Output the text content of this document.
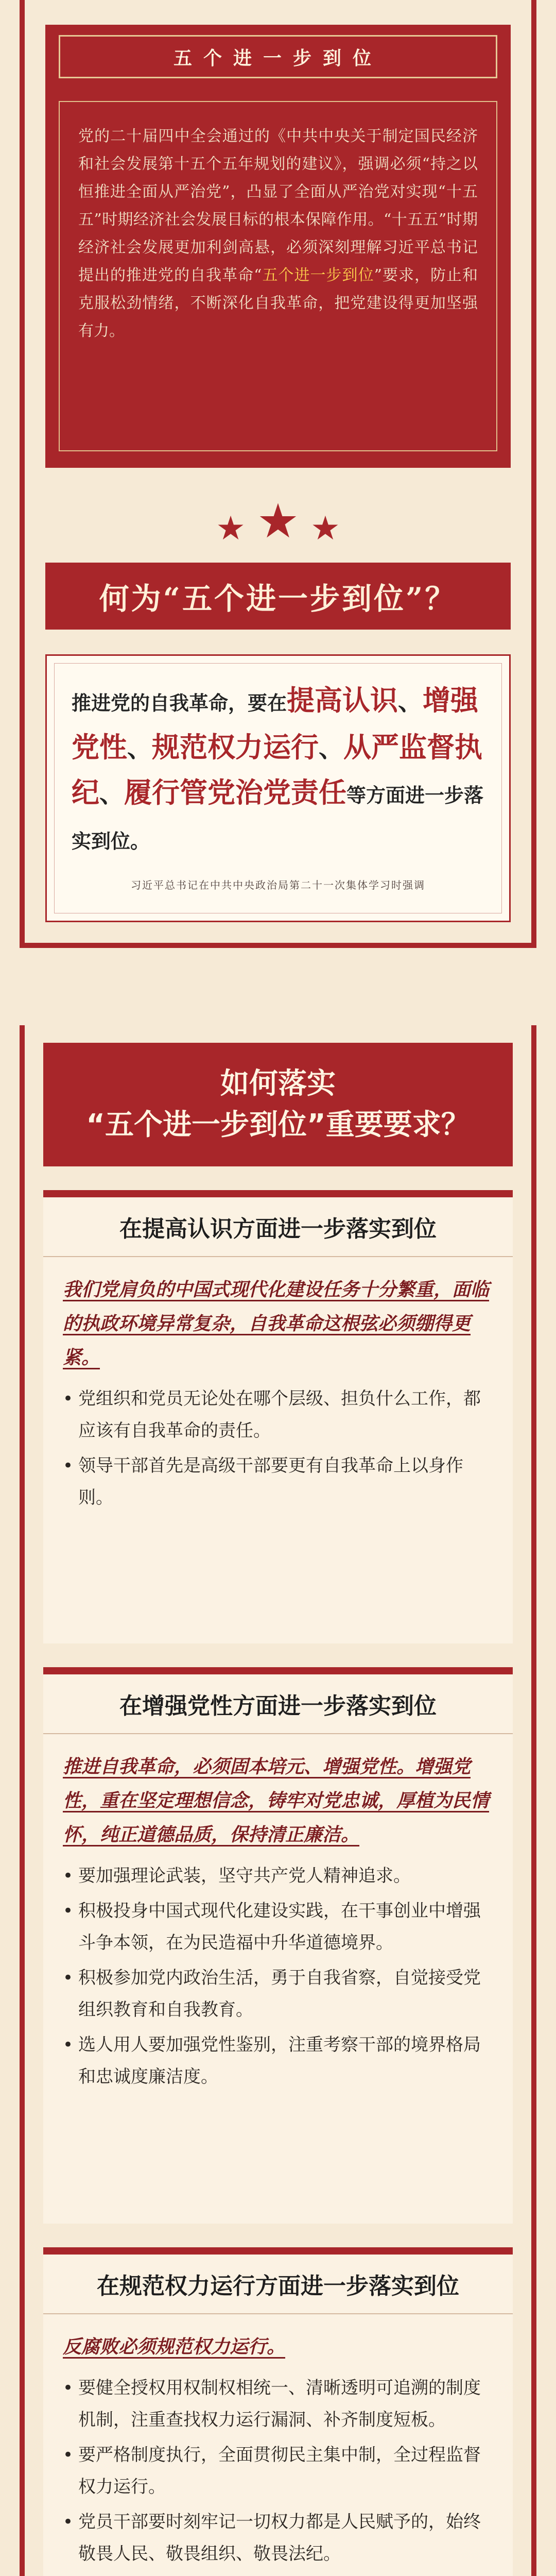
五个进一步到位

党的二十届四中全会通过的《中共中央关于制定国民经济和社会发展第十五个五年规划的建议》，强调必须“持之以恒推进全面从严治党”，凸显了全面从严治党对实现“十五五”时期经济社会发展目标的根本保障作用。“十五五”时期经济社会发展更加利剑高悬，必须深刻理解习近平总书记提出的推进党的自我革命“五个进一步到位”要求，防止和克服松劲情绪，不断深化自我革命，把党建设得更加坚强有力。

★ ★ ★
何为“五个进一步到位”？
推进党的自我革命，要在提高认识、增强党性、规范权力运行、从严监督执纪、履行管党治党责任等方面进一步落实到位。
习近平总书记在中共中央政治局第二十一次集体学习时强调
如何落实
“五个进一步到位”重要要求？
在提高认识方面进一步落实到位
我们党肩负的中国式现代化建设任务十分繁重，面临的执政环境异常复杂，自我革命这根弦必须绷得更紧。
• 党组织和党员无论处在哪个层级、担负什么工作，都应该有自我革命的责任。
• 领导干部首先是高级干部要更有自我革命上以身作则。
在增强党性方面进一步落实到位
推进自我革命，必须固本培元、增强党性。增强党性，重在坚定理想信念，铸牢对党忠诚，厚植为民情怀，纯正道德品质，保持清正廉洁。
• 要加强理论武装，坚守共产党人精神追求。
• 积极投身中国式现代化建设实践，在干事创业中增强斗争本领，在为民造福中升华道德境界。
• 积极参加党内政治生活，勇于自我省察，自觉接受党组织教育和自我教育。
• 选人用人要加强党性鉴别，注重考察干部的境界格局和忠诚度廉洁度。
在规范权力运行方面进一步落实到位
反腐败必须规范权力运行。
• 要健全授权用权制权相统一、清晰透明可追溯的制度机制，注重查找权力运行漏洞、补齐制度短板。
• 要严格制度执行，全面贯彻民主集中制，全过程监督权力运行。
• 党员干部要时刻牢记一切权力都是人民赋予的，始终敬畏人民、敬畏组织、敬畏法纪。
